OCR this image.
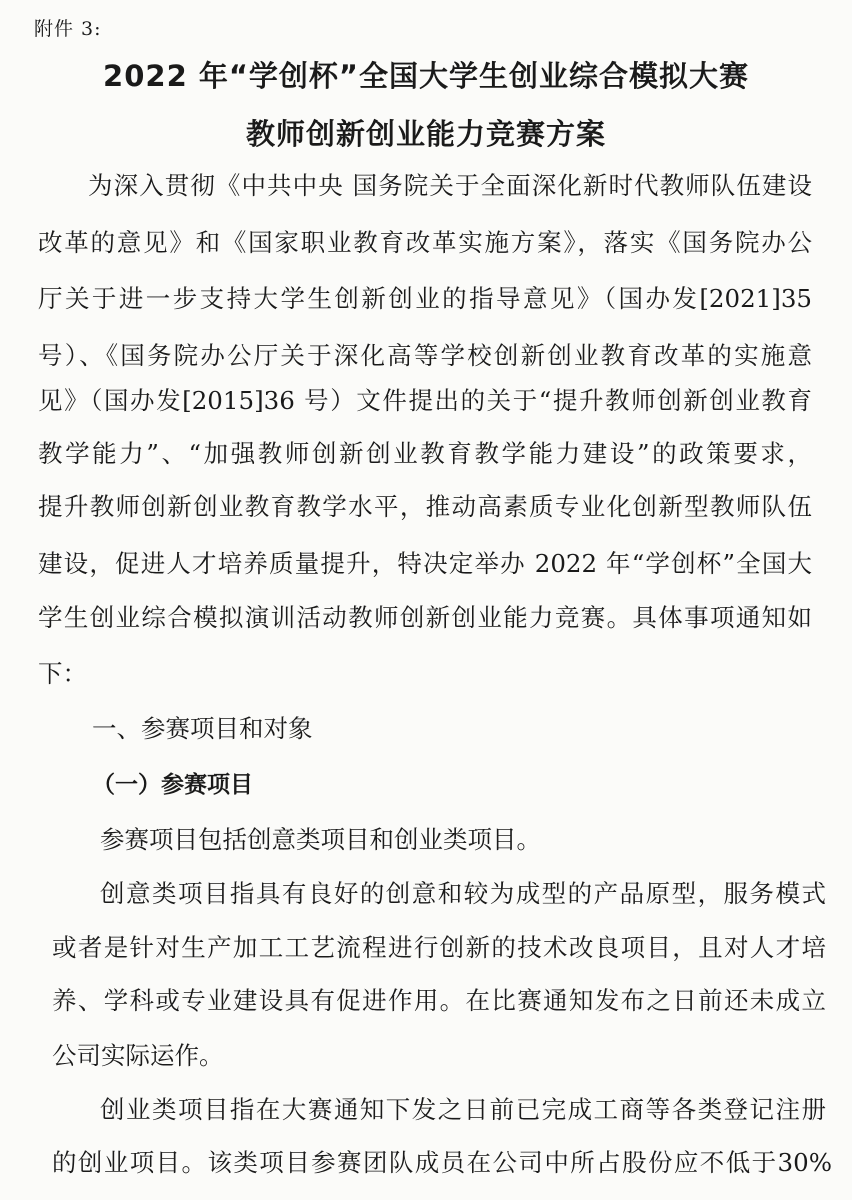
附件 3:
2022 年“学创杯”全国大学生创业综合模拟大赛
教师创新创业能力竞赛方案
为深入贯彻《中共中央 国务院关于全面深化新时代教师队伍建设
改革的意见》和《国家职业教育改革实施方案》，落实《国务院办公
厅关于进一步支持大学生创新创业的指导意见》（国办发[2021]35
号）、《国务院办公厅关于深化高等学校创新创业教育改革的实施意
见》（国办发[2015]36 号）文件提出的关于“提升教师创新创业教育
教学能力”、“加强教师创新创业教育教学能力建设”的政策要求，
提升教师创新创业教育教学水平，推动高素质专业化创新型教师队伍
建设，促进人才培养质量提升，特决定举办 2022 年“学创杯”全国大
学生创业综合模拟演训活动教师创新创业能力竞赛。具体事项通知如
下：
一、参赛项目和对象
（一）参赛项目
参赛项目包括创意类项目和创业类项目。
创意类项目指具有良好的创意和较为成型的产品原型，服务模式
或者是针对生产加工工艺流程进行创新的技术改良项目，且对人才培
养、学科或专业建设具有促进作用。在比赛通知发布之日前还未成立
公司实际运作。
创业类项目指在大赛通知下发之日前已完成工商等各类登记注册
的创业项目。该类项目参赛团队成员在公司中所占股份应不低于30%
